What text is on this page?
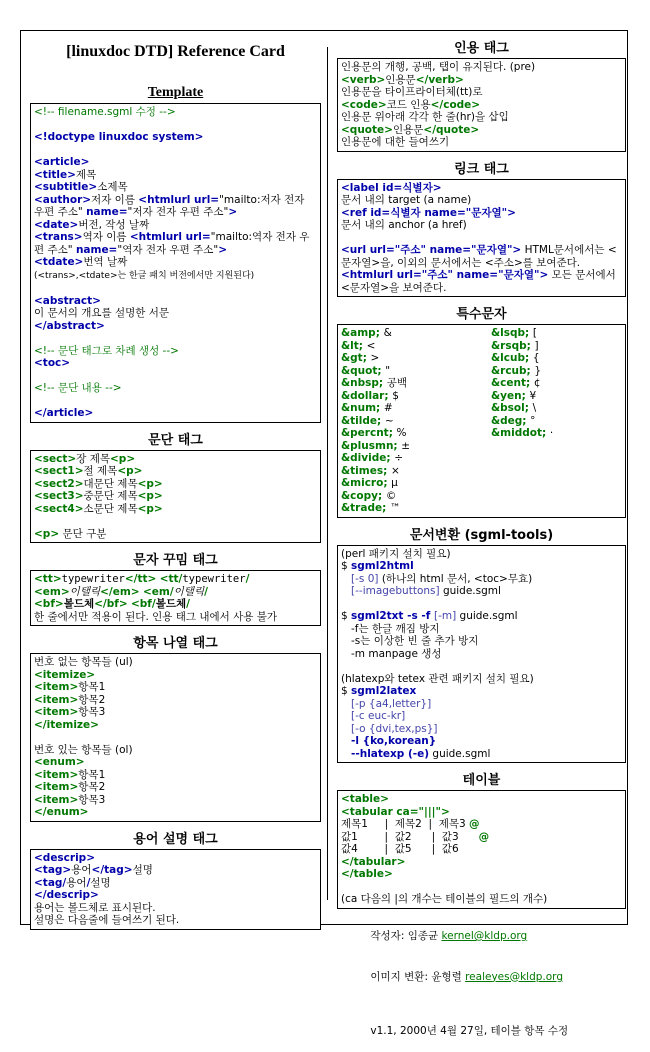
[linuxdoc DTD] Reference Card
Template
<!-- filename.sgml 수정 -->
<!doctype linuxdoc system>
<article>
<title>제목
<subtitle>소제목
<author>저자 이름 <htmlurl url="mailto:저자 전자 우편 주소" name="저자 전자 우편 주소">
<date>버전, 작성 날짜
<trans>역자 이름 <htmlurl url="mailto:역자 전자 우편 주소" name="역자 전자 우편 주소">
<tdate>번역 날짜
(<trans>,<tdate>는 한글 패치 버전에서만 지원된다)
<abstract>
이 문서의 개요를 설명한 서문
</abstract>
<!-- 문단 태그로 차례 생성 -->
<toc>
<!-- 문단 내용 -->
</article>
문단 태그
<sect>장 제목<p>
<sect1>절 제목<p>
<sect2>대문단 제목<p>
<sect3>중문단 제목<p>
<sect4>소문단 제목<p>
<p> 문단 구분
문자 꾸밈 태그
<tt>typewriter</tt> <tt/typewriter/
<em>이탤릭</em> <em/이탤릭/
<bf>볼드체</bf> <bf/볼드체/
한 줄에서만 적용이 된다. 인용 태그 내에서 사용 불가
항목 나열 태그
번호 없는 항목들 (ul)
<itemize>
<item>항목1
<item>항목2
<item>항목3
</itemize>
번호 있는 항목들 (ol)
<enum>
<item>항목1
<item>항목2
<item>항목3
</enum>
용어 설명 태그
<descrip>
<tag>용어</tag>설명
<tag/용어/설명
</descrip>
용어는 볼드체로 표시된다.
설명은 다음줄에 들여쓰기 된다.
인용 태그
인용문의 개행, 공백, 탭이 유지된다. (pre)
<verb>인용문</verb>
인용문을 타이프라이터체(tt)로
<code>코드 인용</code>
인용문 위아래 각각 한 줄(hr)을 삽입
<quote>인용문</quote>
인용문에 대한 들여쓰기
링크 태그
<label id=식별자>
문서 내의 target (a name)
<ref id=식별자 name="문자열">
문서 내의 anchor (a href)
<url url="주소" name="문자열"> HTML문서에서는 <문자열>을, 이외의 문서에서는 <주소>를 보여준다.
<htmlurl url="주소" name="문자열"> 모든 문서에서 <문자열>을 보여준다.
특수문자
&amp; &
&lt; <
&gt; >
&quot; "
&nbsp; 공백
&dollar; $
&num; #
&tilde; ~
&percnt; %
&plusmn; ±
&divide; ÷
&times; ×
&micro; µ
&copy; ©
&trade; ™
&lsqb; [
&rsqb; ]
&lcub; {
&rcub; }
&cent; ¢
&yen; ¥
&bsol; \
&deg; °
&middot; ·
문서변환 (sgml-tools)
(perl 패키지 설치 필요)
$ sgml2html
[-s 0] (하나의 html 문서, <toc>무효)
[--imagebuttons] guide.sgml
$ sgml2txt -s -f [-m] guide.sgml
-f는 한글 깨짐 방지
-s는 이상한 빈 줄 추가 방지
-m manpage 생성
(hlatexp와 tetex 관련 패키지 설치 필요)
$ sgml2latex
[-p {a4,letter}]
[-c euc-kr]
[-o {dvi,tex,ps}]
-l {ko,korean}
--hlatexp (-e) guide.sgml
테이블
<table>
<tabular ca="|||">
제목1     |  제목2  |  제목3 @
값1        |  값2      |  값3      @
값4        |  값5      |  값6
</tabular>
</table>
(ca 다음의 |의 개수는 테이블의 필드의 개수)

작성자: 임종균 kernel@kldp.org

이미지 변환: 윤형렬 realeyes@kldp.org

v1.1, 2000년 4월 27일, 테이블 항목 수정
